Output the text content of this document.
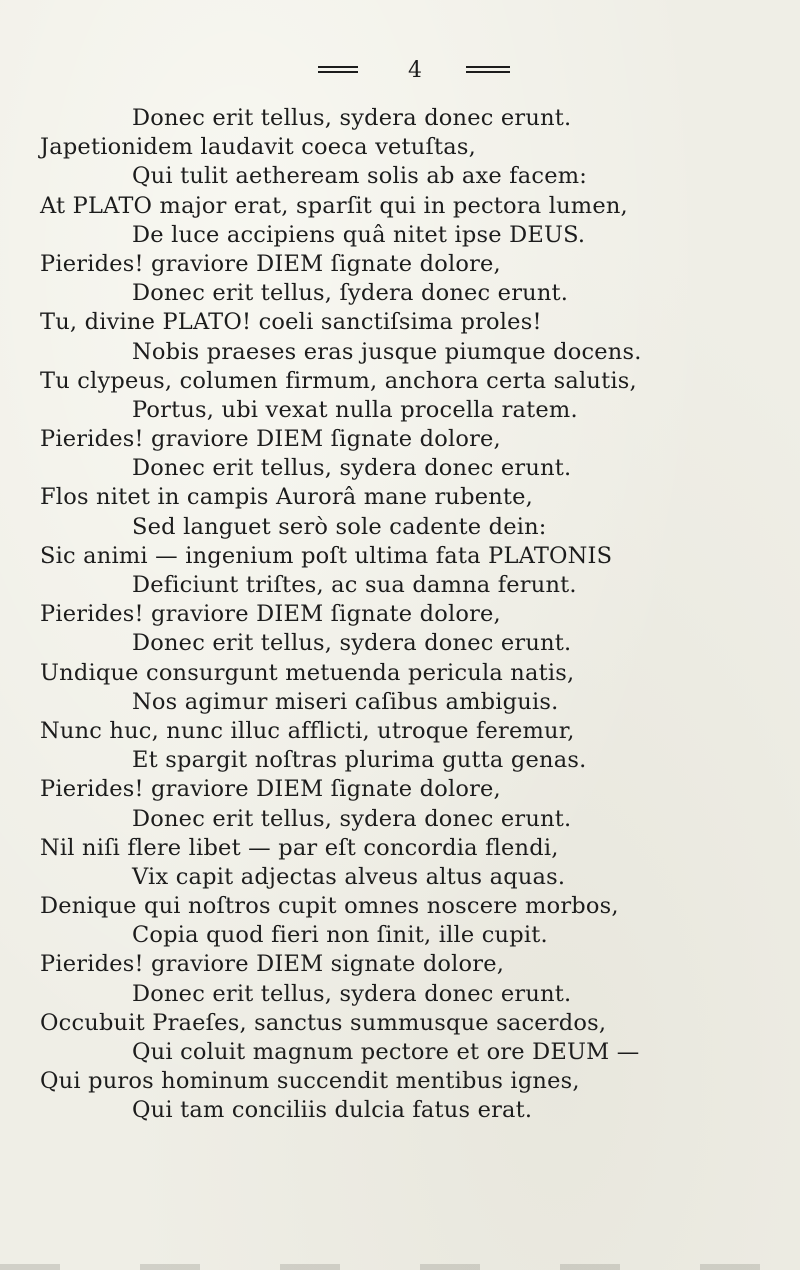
4
Donec erit tellus, sydera donec erunt.
Japetionidem laudavit coeca vetuſtas,
Qui tulit aetheream solis ab axe facem:
At PLATO major erat, sparſit qui in pectora lumen,
De luce accipiens quâ nitet ipse DEUS.
Pierides! graviore DIEM ſignate dolore,
Donec erit tellus, ſydera donec erunt.
Tu, divine PLATO! coeli sanctiſsima proles!
Nobis praeses eras jusque piumque docens.
Tu clypeus, columen firmum, anchora certa salutis,
Portus, ubi vexat nulla procella ratem.
Pierides! graviore DIEM ſignate dolore,
Donec erit tellus, sydera donec erunt.
Flos nitet in campis Aurorâ mane rubente,
Sed languet serò sole cadente dein:
Sic animi — ingenium poſt ultima fata PLATONIS
Deficiunt triſtes, ac sua damna ferunt.
Pierides! graviore DIEM ſignate dolore,
Donec erit tellus, sydera donec erunt.
Undique consurgunt metuenda pericula natis,
Nos agimur miseri caſibus ambiguis.
Nunc huc, nunc illuc afflicti, utroque feremur,
Et spargit noſtras plurima gutta genas.
Pierides! graviore DIEM ſignate dolore,
Donec erit tellus, sydera donec erunt.
Nil niſi flere libet — par eſt concordia flendi,
Vix capit adjectas alveus altus aquas.
Denique qui noſtros cupit omnes noscere morbos,
Copia quod fieri non ſinit, ille cupit.
Pierides! graviore DIEM signate dolore,
Donec erit tellus, sydera donec erunt.
Occubuit Praeſes, sanctus summusque sacerdos,
Qui coluit magnum pectore et ore DEUM —
Qui puros hominum succendit mentibus ignes,
Qui tam conciliis dulcia fatus erat.
